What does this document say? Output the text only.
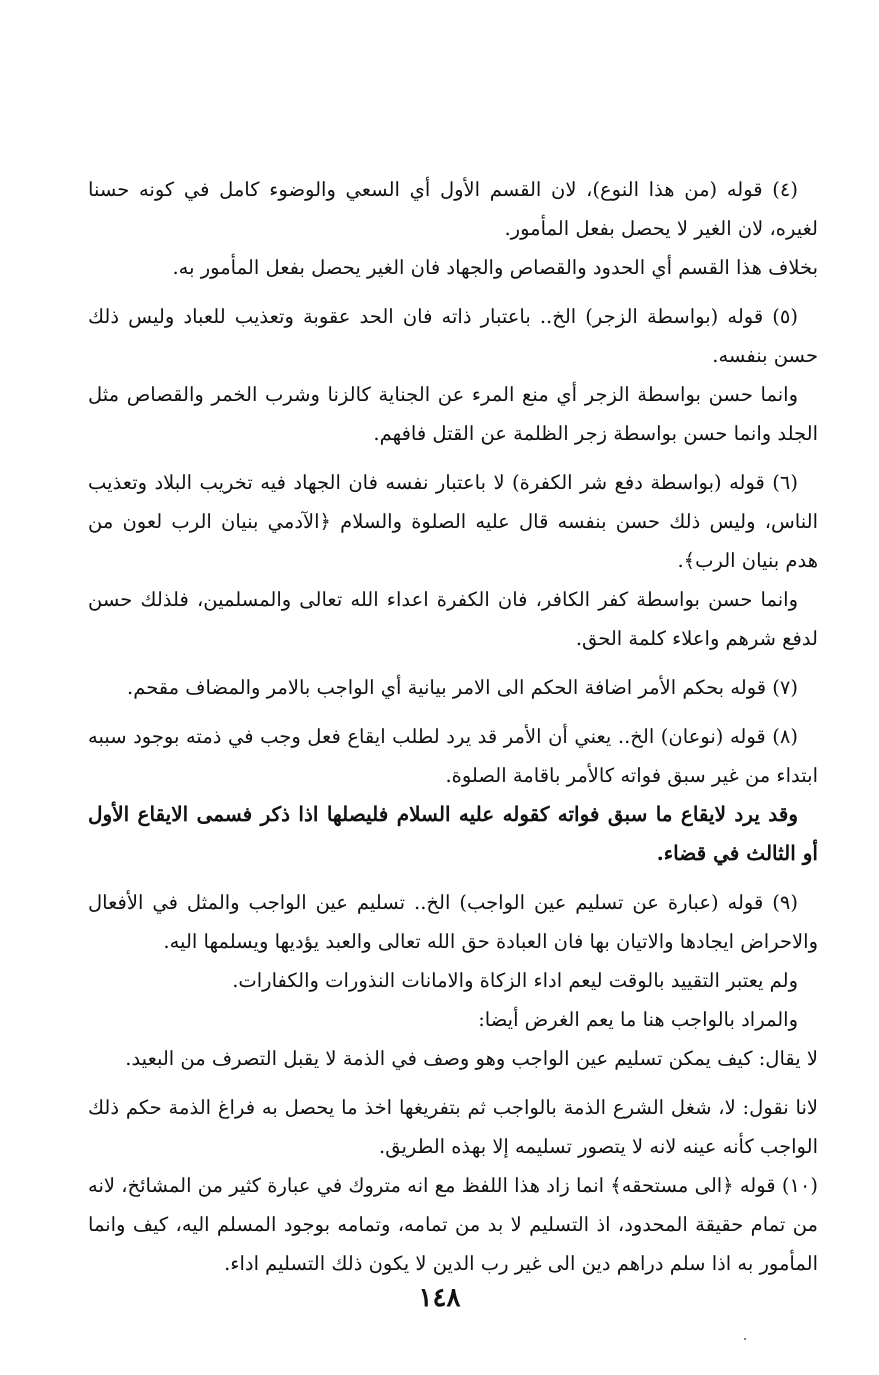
(٤) قوله (من هذا النوع)، لان القسم الأول أي السعي والوضوء كامل في كونه حسنا لغيره، لان الغير لا يحصل بفعل المأمور.

بخلاف هذا القسم أي الحدود والقصاص والجهاد فان الغير يحصل بفعل المأمور به.

(٥) قوله (بواسطة الزجر) الخ.. باعتبار ذاته فان الحد عقوبة وتعذيب للعباد وليس ذلك حسن بنفسه.

وانما حسن بواسطة الزجر أي منع المرء عن الجناية كالزنا وشرب الخمر والقصاص مثل الجلد وانما حسن بواسطة زجر الظلمة عن القتل فافهم.

(٦) قوله (بواسطة دفع شر الكفرة) لا باعتبار نفسه فان الجهاد فيه تخريب البلاد وتعذيب الناس، وليس ذلك حسن بنفسه قال عليه الصلوة والسلام ﴿الآدمي بنيان الرب لعون من هدم بنيان الرب﴾.

وانما حسن بواسطة كفر الكافر، فان الكفرة اعداء الله تعالى والمسلمين، فلذلك حسن لدفع شرهم واعلاء كلمة الحق.

(٧) قوله بحكم الأمر اضافة الحكم الى الامر بيانية أي الواجب بالامر والمضاف مقحم.

(٨) قوله (نوعان) الخ.. يعني أن الأمر قد يرد لطلب ايقاع فعل وجب في ذمته بوجود سببه ابتداء من غير سبق فواته كالأمر باقامة الصلوة.

وقد يرد لايقاع ما سبق فواته كقوله عليه السلام فليصلها اذا ذكر فسمى الايقاع الأول أو الثالث في قضاء.

(٩) قوله (عبارة عن تسليم عين الواجب) الخ.. تسليم عين الواجب والمثل في الأفعال والاحراض ايجادها والاتيان بها فان العبادة حق الله تعالى والعبد يؤديها ويسلمها اليه.

ولم يعتبر التقييد بالوقت ليعم اداء الزكاة والامانات النذورات والكفارات.

والمراد بالواجب هنا ما يعم الغرض أيضا:

لا يقال: كيف يمكن تسليم عين الواجب وهو وصف في الذمة لا يقبل التصرف من البعيد.

لانا نقول: لا، شغل الشرع الذمة بالواجب ثم بتفريغها اخذ ما يحصل به فراغ الذمة حكم ذلك الواجب كأنه عينه لانه لا يتصور تسليمه إلا بهذه الطريق.

(١٠) قوله ﴿الى مستحقه﴾ انما زاد هذا اللفظ مع انه متروك في عبارة كثير من المشائخ، لانه من تمام حقيقة المحدود، اذ التسليم لا بد من تمامه، وتمامه بوجود المسلم اليه، كيف وانما المأمور به اذا سلم دراهم دين الى غير رب الدين لا يكون ذلك التسليم اداء.

١٤٨
